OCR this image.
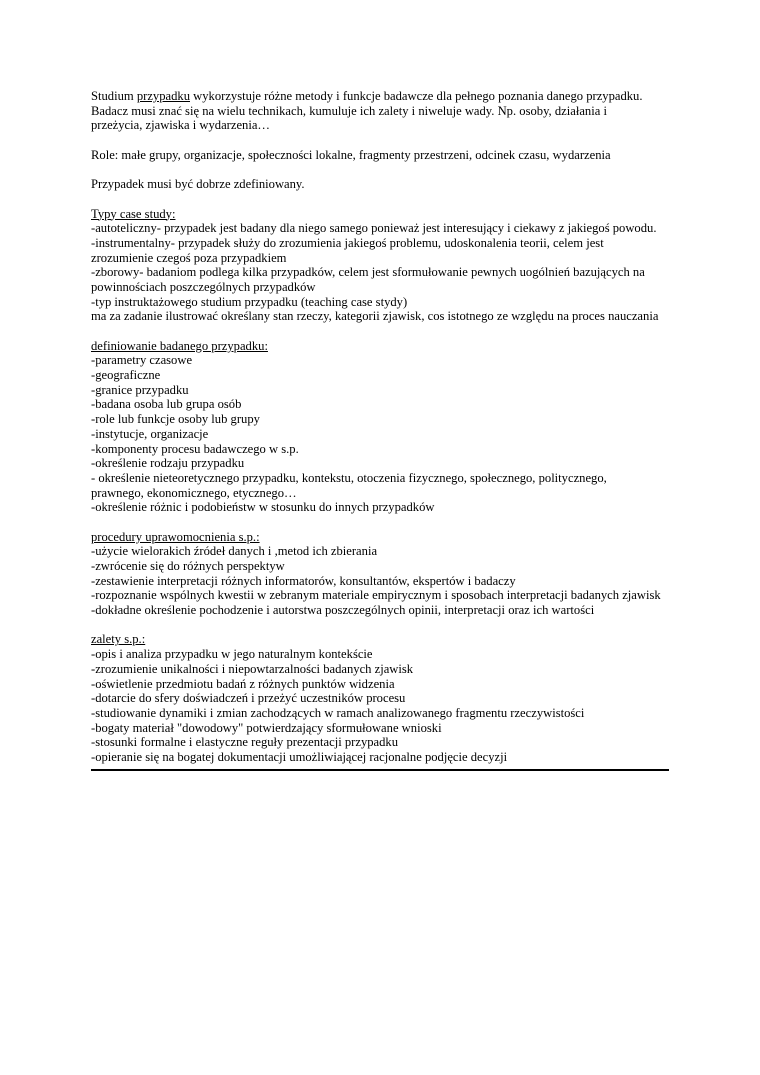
Studium przypadku wykorzystuje różne metody i funkcje badawcze dla pełnego poznania danego przypadku.
Badacz musi znać się na wielu technikach, kumuluje ich zalety i niweluje wady. Np. osoby, działania i
przeżycia, zjawiska i wydarzenia…
Role: małe grupy, organizacje, społeczności lokalne, fragmenty przestrzeni, odcinek czasu, wydarzenia
Przypadek musi być dobrze zdefiniowany.
Typy case study:
-autoteliczny- przypadek jest badany dla niego samego ponieważ jest interesujący i ciekawy z jakiegoś powodu.
-instrumentalny- przypadek służy do zrozumienia jakiegoś problemu, udoskonalenia teorii, celem jest
zrozumienie czegoś poza przypadkiem
-zborowy- badaniom podlega kilka przypadków, celem jest sformułowanie pewnych uogólnień bazujących na
powinnościach poszczególnych przypadków
-typ instruktażowego studium przypadku (teaching case stydy)
ma za zadanie ilustrować określany stan rzeczy, kategorii zjawisk, cos istotnego ze względu na proces nauczania
definiowanie badanego przypadku:
-parametry czasowe
-geograficzne
-granice przypadku
-badana osoba lub grupa osób
-role lub funkcje osoby lub grupy
-instytucje, organizacje
-komponenty procesu badawczego w s.p.
-określenie rodzaju przypadku
- określenie nieteoretycznego przypadku, kontekstu, otoczenia fizycznego, społecznego, politycznego,
prawnego, ekonomicznego, etycznego…
-określenie różnic i podobieństw w stosunku do innych przypadków
procedury uprawomocnienia s.p.:
-użycie wielorakich źródeł danych i ,metod ich zbierania
-zwrócenie się do różnych perspektyw
-zestawienie interpretacji różnych informatorów, konsultantów, ekspertów i badaczy
-rozpoznanie wspólnych kwestii w zebranym materiale empirycznym i sposobach interpretacji badanych zjawisk
-dokładne określenie pochodzenie i autorstwa poszczególnych opinii, interpretacji oraz ich wartości
zalety s.p.:
-opis i analiza przypadku w jego naturalnym kontekście
-zrozumienie unikalności i niepowtarzalności badanych zjawisk
-oświetlenie przedmiotu badań z różnych punktów widzenia
-dotarcie do sfery doświadczeń i przeżyć uczestników procesu
-studiowanie dynamiki i zmian zachodzących w ramach analizowanego fragmentu rzeczywistości
-bogaty materiał "dowodowy" potwierdzający sformułowane wnioski
-stosunki formalne i elastyczne reguły prezentacji przypadku
-opieranie się na bogatej dokumentacji umożliwiającej racjonalne podjęcie decyzji
